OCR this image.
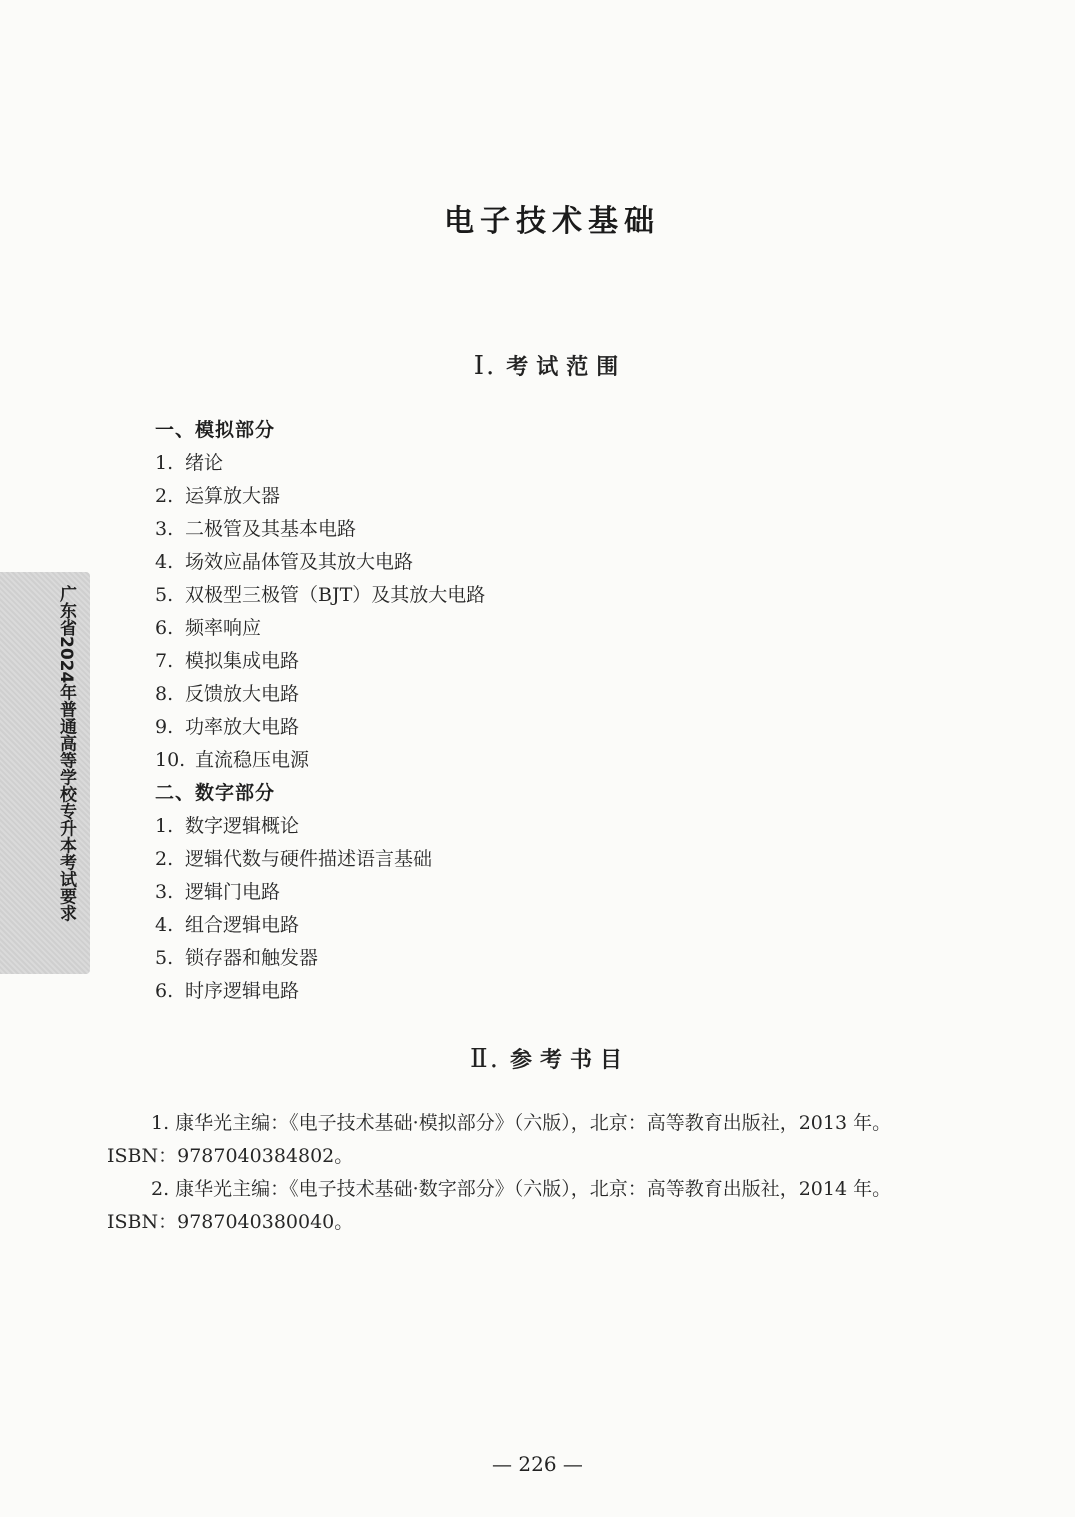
广东省2024年普通高等学校专升本考试要求
电子技术基础
Ⅰ. 考试范围
一、模拟部分
1. 绪论
2. 运算放大器
3. 二极管及其基本电路
4. 场效应晶体管及其放大电路
5. 双极型三极管（BJT）及其放大电路
6. 频率响应
7. 模拟集成电路
8. 反馈放大电路
9. 功率放大电路
10. 直流稳压电源
二、数字部分
1. 数字逻辑概论
2. 逻辑代数与硬件描述语言基础
3. 逻辑门电路
4. 组合逻辑电路
5. 锁存器和触发器
6. 时序逻辑电路
Ⅱ. 参考书目
1. 康华光主编：《电子技术基础·模拟部分》（六版），北京：高等教育出版社，2013 年。
ISBN：9787040384802。
2. 康华光主编：《电子技术基础·数字部分》（六版），北京：高等教育出版社，2014 年。
ISBN：9787040380040。
— 226 —
